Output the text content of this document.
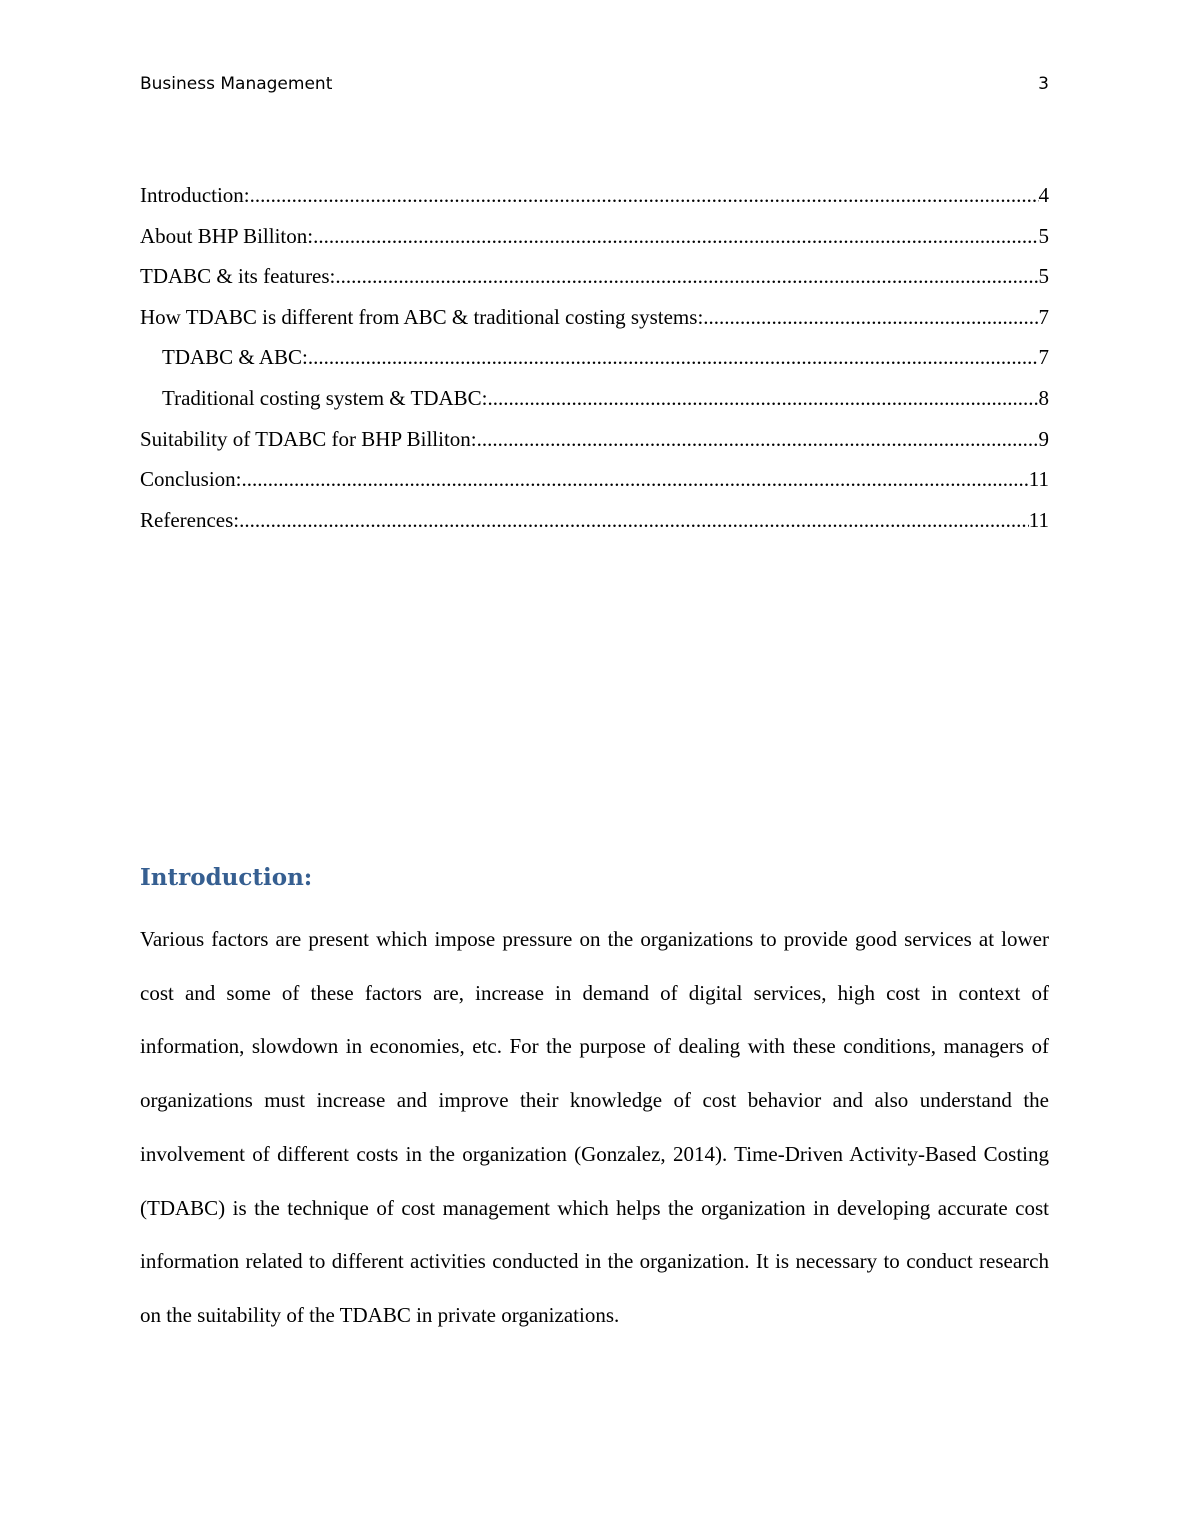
Business Management	3
Introduction: .....	4
About BHP Billiton: .....	5
TDABC & its features: .....	5
How TDABC is different from ABC & traditional costing systems: .....	7
TDABC & ABC: .....	7
Traditional costing system & TDABC: .....	8
Suitability of TDABC for BHP Billiton: .....	9
Conclusion: .....	11
References: .....	11
Introduction:

Various factors are present which impose pressure on the organizations to provide good services at lower cost and some of these factors are, increase in demand of digital services, high cost in context of information, slowdown in economies, etc. For the purpose of dealing with these conditions, managers of organizations must increase and improve their knowledge of cost behavior and also understand the involvement of different costs in the organization (Gonzalez, 2014). Time-Driven Activity-Based Costing (TDABC) is the technique of cost management which helps the organization in developing accurate cost information related to different activities conducted in the organization. It is necessary to conduct research on the suitability of the TDABC in private organizations.
